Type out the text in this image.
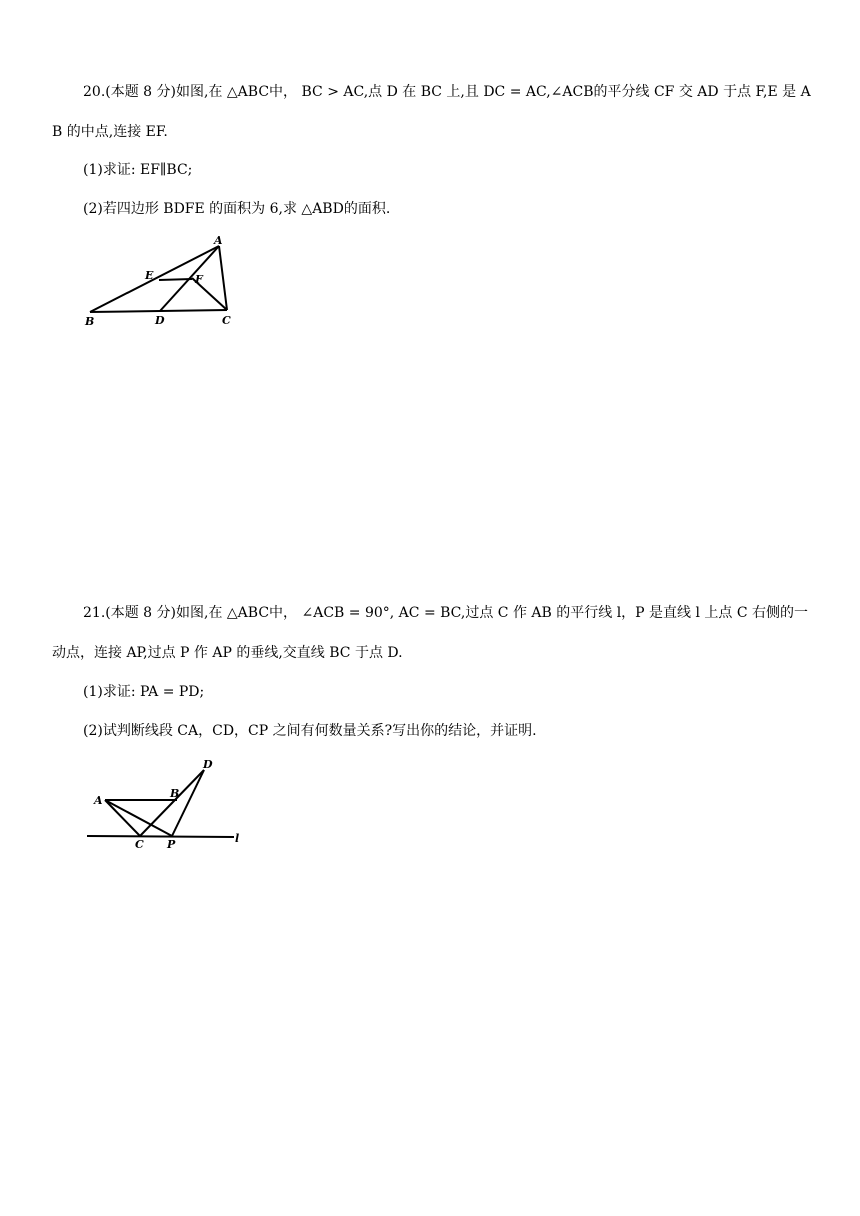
20.(本题 8 分)如图,在 △ABC中， BC > AC,点 D 在 BC 上,且 DC = AC,∠ACB的平分线 CF 交 AD 于点 F,E 是 A
B 的中点,连接 EF.
(1)求证: EF∥BC;
(2)若四边形 BDFE 的面积为 6,求 △ABD的面积.
A
B	C
D
E	F
21.(本题 8 分)如图,在 △ABC中， ∠ACB = 90°, AC = BC,过点 C 作 AB 的平行线 l，P 是直线 l 上点 C 右侧的一
动点，连接 AP,过点 P 作 AP 的垂线,交直线 BC 于点 D.
(1)求证: PA = PD;
(2)试判断线段 CA，CD，CP 之间有何数量关系?写出你的结论，并证明.
A
B
C
D
P	l
